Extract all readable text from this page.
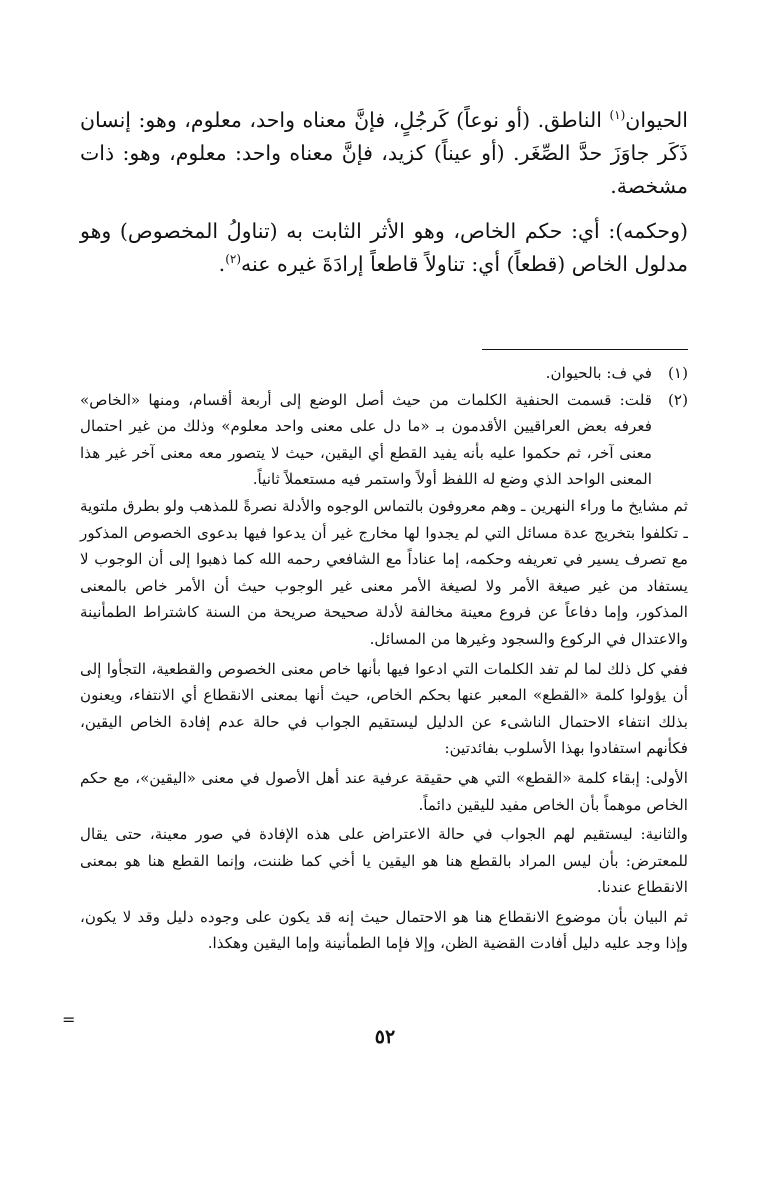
الحيوان$^{(١)}$ الناطق. (أو نوعاً) كَرجُلٍ، فإنَّ معناه واحد، معلوم، وهو: إنسان ذَكَر جاوَزَ حدَّ الصِّغَر. (أو عيناً) كزيد، فإنَّ معناه واحد: معلوم، وهو: ذات مشخصة.

(وحكمه): أي: حكم الخاص، وهو الأثر الثابت به (تناولُ المخصوص) وهو مدلول الخاص (قطعاً) أي: تناولاً قاطعاً إرادَةَ غيره عنه$^{(٢)}$.

(١)

في ف: بالحيوان.

(٢)

قلت: قسمت الحنفية الكلمات من حيث أصل الوضع إلى أربعة أقسام، ومنها «الخاص» فعرفه بعض العراقيين الأقدمون بـ «ما دل على معنى واحد معلوم» وذلك من غير احتمال معنى آخر، ثم حكموا عليه بأنه يفيد القطع أي اليقين، حيث لا يتصور معه معنى آخر غير هذا المعنى الواحد الذي وضع له اللفظ أولاً واستمر فيه مستعملاً ثانياً.

ثم مشايخ ما وراء النهرين ـ وهم معروفون بالتماس الوجوه والأدلة نصرةً للمذهب ولو بطرق ملتوية ـ تكلفوا بتخريج عدة مسائل التي لم يجدوا لها مخارج غير أن يدعوا فيها بدعوى الخصوص المذكور مع تصرف يسير في تعريفه وحكمه، إما عناداً مع الشافعي رحمه الله كما ذهبوا إلى أن الوجوب لا يستفاد من غير صيغة الأمر ولا لصيغة الأمر معنى غير الوجوب حيث أن الأمر خاص بالمعنى المذكور، وإما دفاعاً عن فروع معينة مخالفة لأدلة صحيحة صريحة من السنة كاشتراط الطمأنينة والاعتدال في الركوع والسجود وغيرها من المسائل.

ففي كل ذلك لما لم تفد الكلمات التي ادعوا فيها بأنها خاص معنى الخصوص والقطعية، التجأوا إلى أن يؤولوا كلمة «القطع» المعبر عنها بحكم الخاص، حيث أنها بمعنى الانقطاع أي الانتفاء، ويعنون بذلك انتفاء الاحتمال الناشىء عن الدليل ليستقيم الجواب في حالة عدم إفادة الخاص اليقين، فكأنهم استفادوا بهذا الأسلوب بفائدتين:

الأولى: إبقاء كلمة «القطع» التي هي حقيقة عرفية عند أهل الأصول في معنى «اليقين»، مع حكم الخاص موهماً بأن الخاص مفيد لليقين دائماً.

والثانية: ليستقيم لهم الجواب في حالة الاعتراض على هذه الإفادة في صور معينة، حتى يقال للمعترض: بأن ليس المراد بالقطع هنا هو اليقين يا أخي كما ظننت، وإنما القطع هنا هو بمعنى الانقطاع عندنا.

ثم البيان بأن موضوع الانقطاع هنا هو الاحتمال حيث إنه قد يكون على وجوده دليل وقد لا يكون، وإذا وجد عليه دليل أفادت القضية الظن، وإلا فإما الطمأنينة وإما اليقين وهكذا.

=
٥٢
